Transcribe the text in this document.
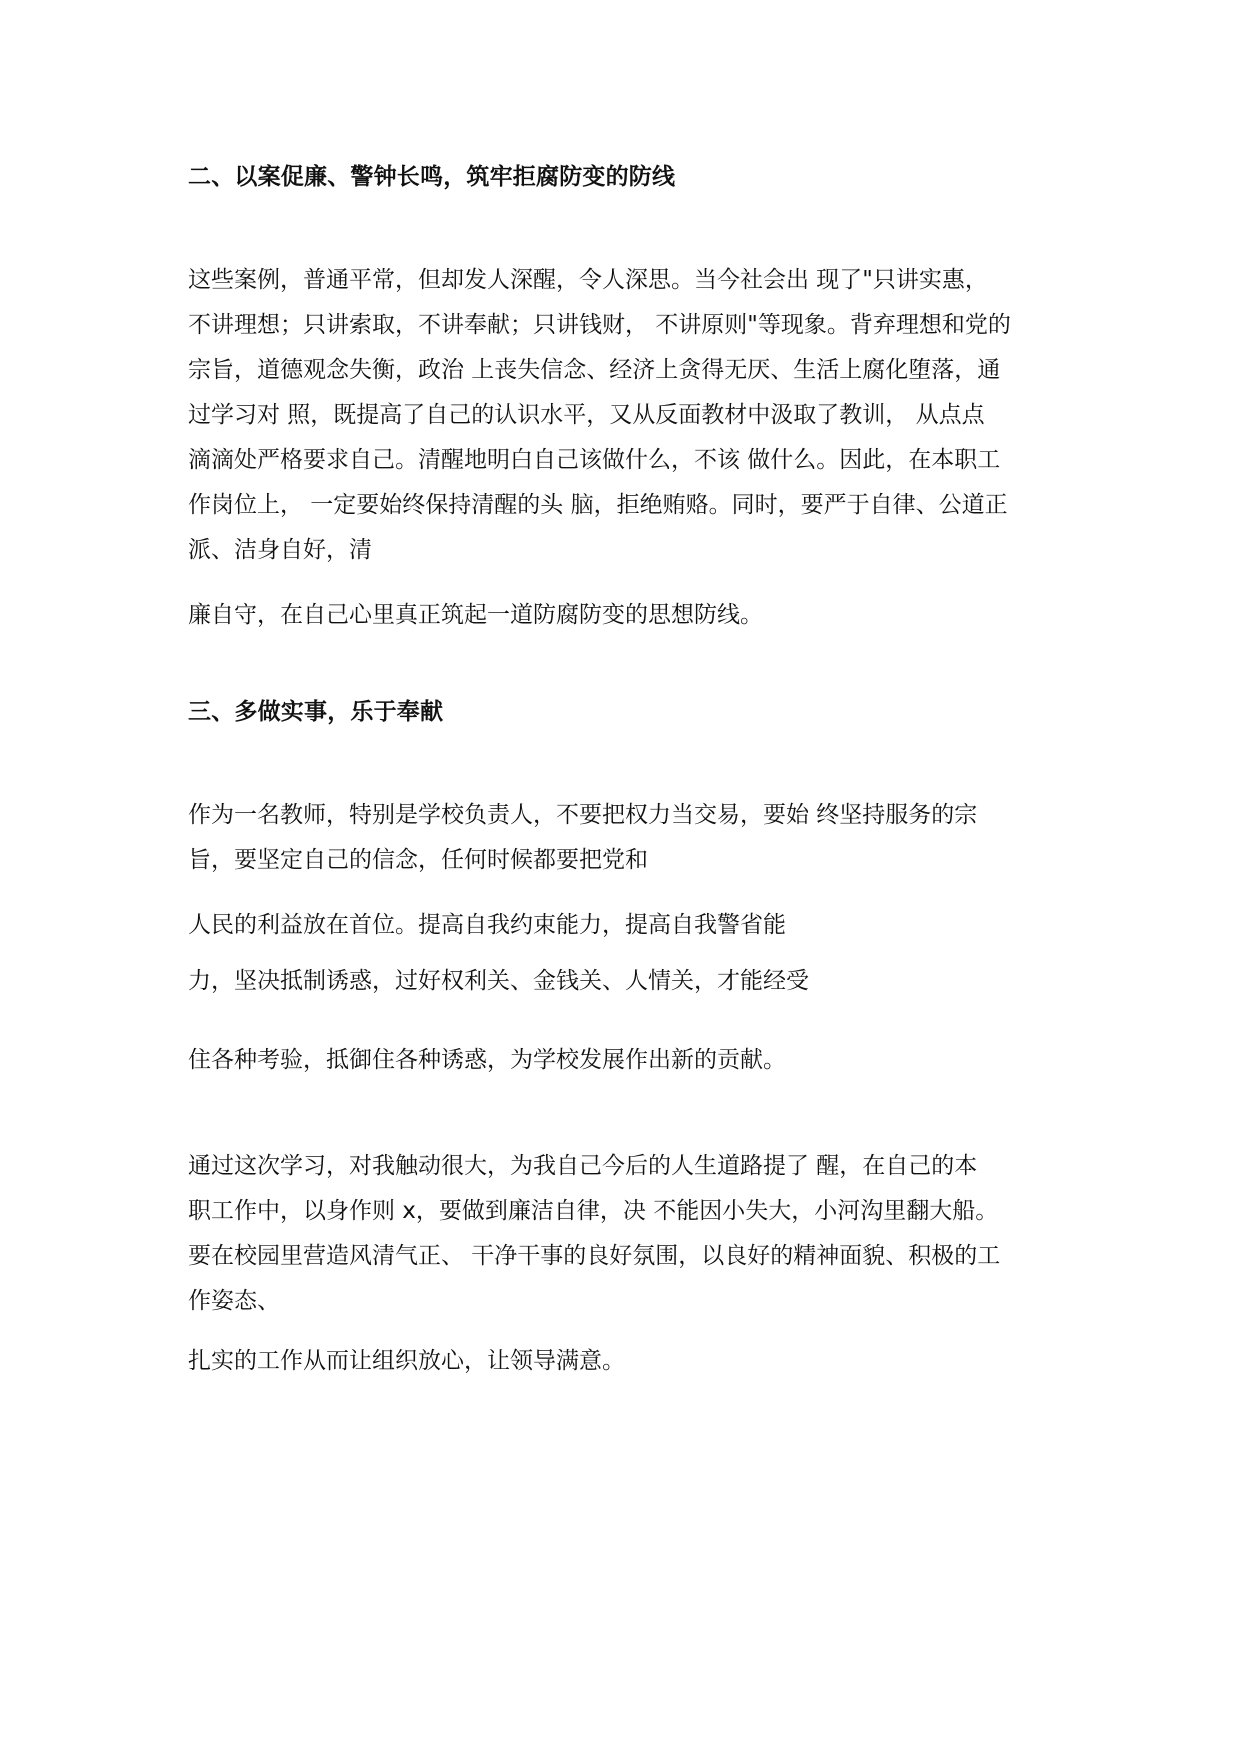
二、以案促廉、警钟长鸣，筑牢拒腐防变的防线
这些案例，普通平常，但却发人深醒，令人深思。当今社会出 现了"只讲实惠，
不讲理想；只讲索取，不讲奉献；只讲钱财， 不讲原则"等现象。背弃理想和党的
宗旨，道德观念失衡，政治 上丧失信念、经济上贪得无厌、生活上腐化堕落，通
过学习对 照，既提高了自己的认识水平，又从反面教材中汲取了教训， 从点点
滴滴处严格要求自己。清醒地明白自己该做什么，不该 做什么。因此，在本职工
作岗位上， 一定要始终保持清醒的头 脑，拒绝贿赂。同时，要严于自律、公道正
派、洁身自好，清

廉自守，在自己心里真正筑起一道防腐防变的思想防线。

三、多做实事，乐于奉献
作为一名教师，特别是学校负责人，不要把权力当交易，要始 终坚持服务的宗
旨，要坚定自己的信念，任何时候都要把党和

人民的利益放在首位。提高自我约束能力，提高自我警省能

力，坚决抵制诱惑，过好权利关、金钱关、人情关，才能经受

住各种考验，抵御住各种诱惑，为学校发展作出新的贡献。

通过这次学习，对我触动很大，为我自己今后的人生道路提了 醒，在自己的本
职工作中，以身作则 x，要做到廉洁自律，决 不能因小失大，小河沟里翻大船。
要在校园里营造风清气正、 干净干事的良好氛围，以良好的精神面貌、积极的工
作姿态、

扎实的工作从而让组织放心，让领导满意。
